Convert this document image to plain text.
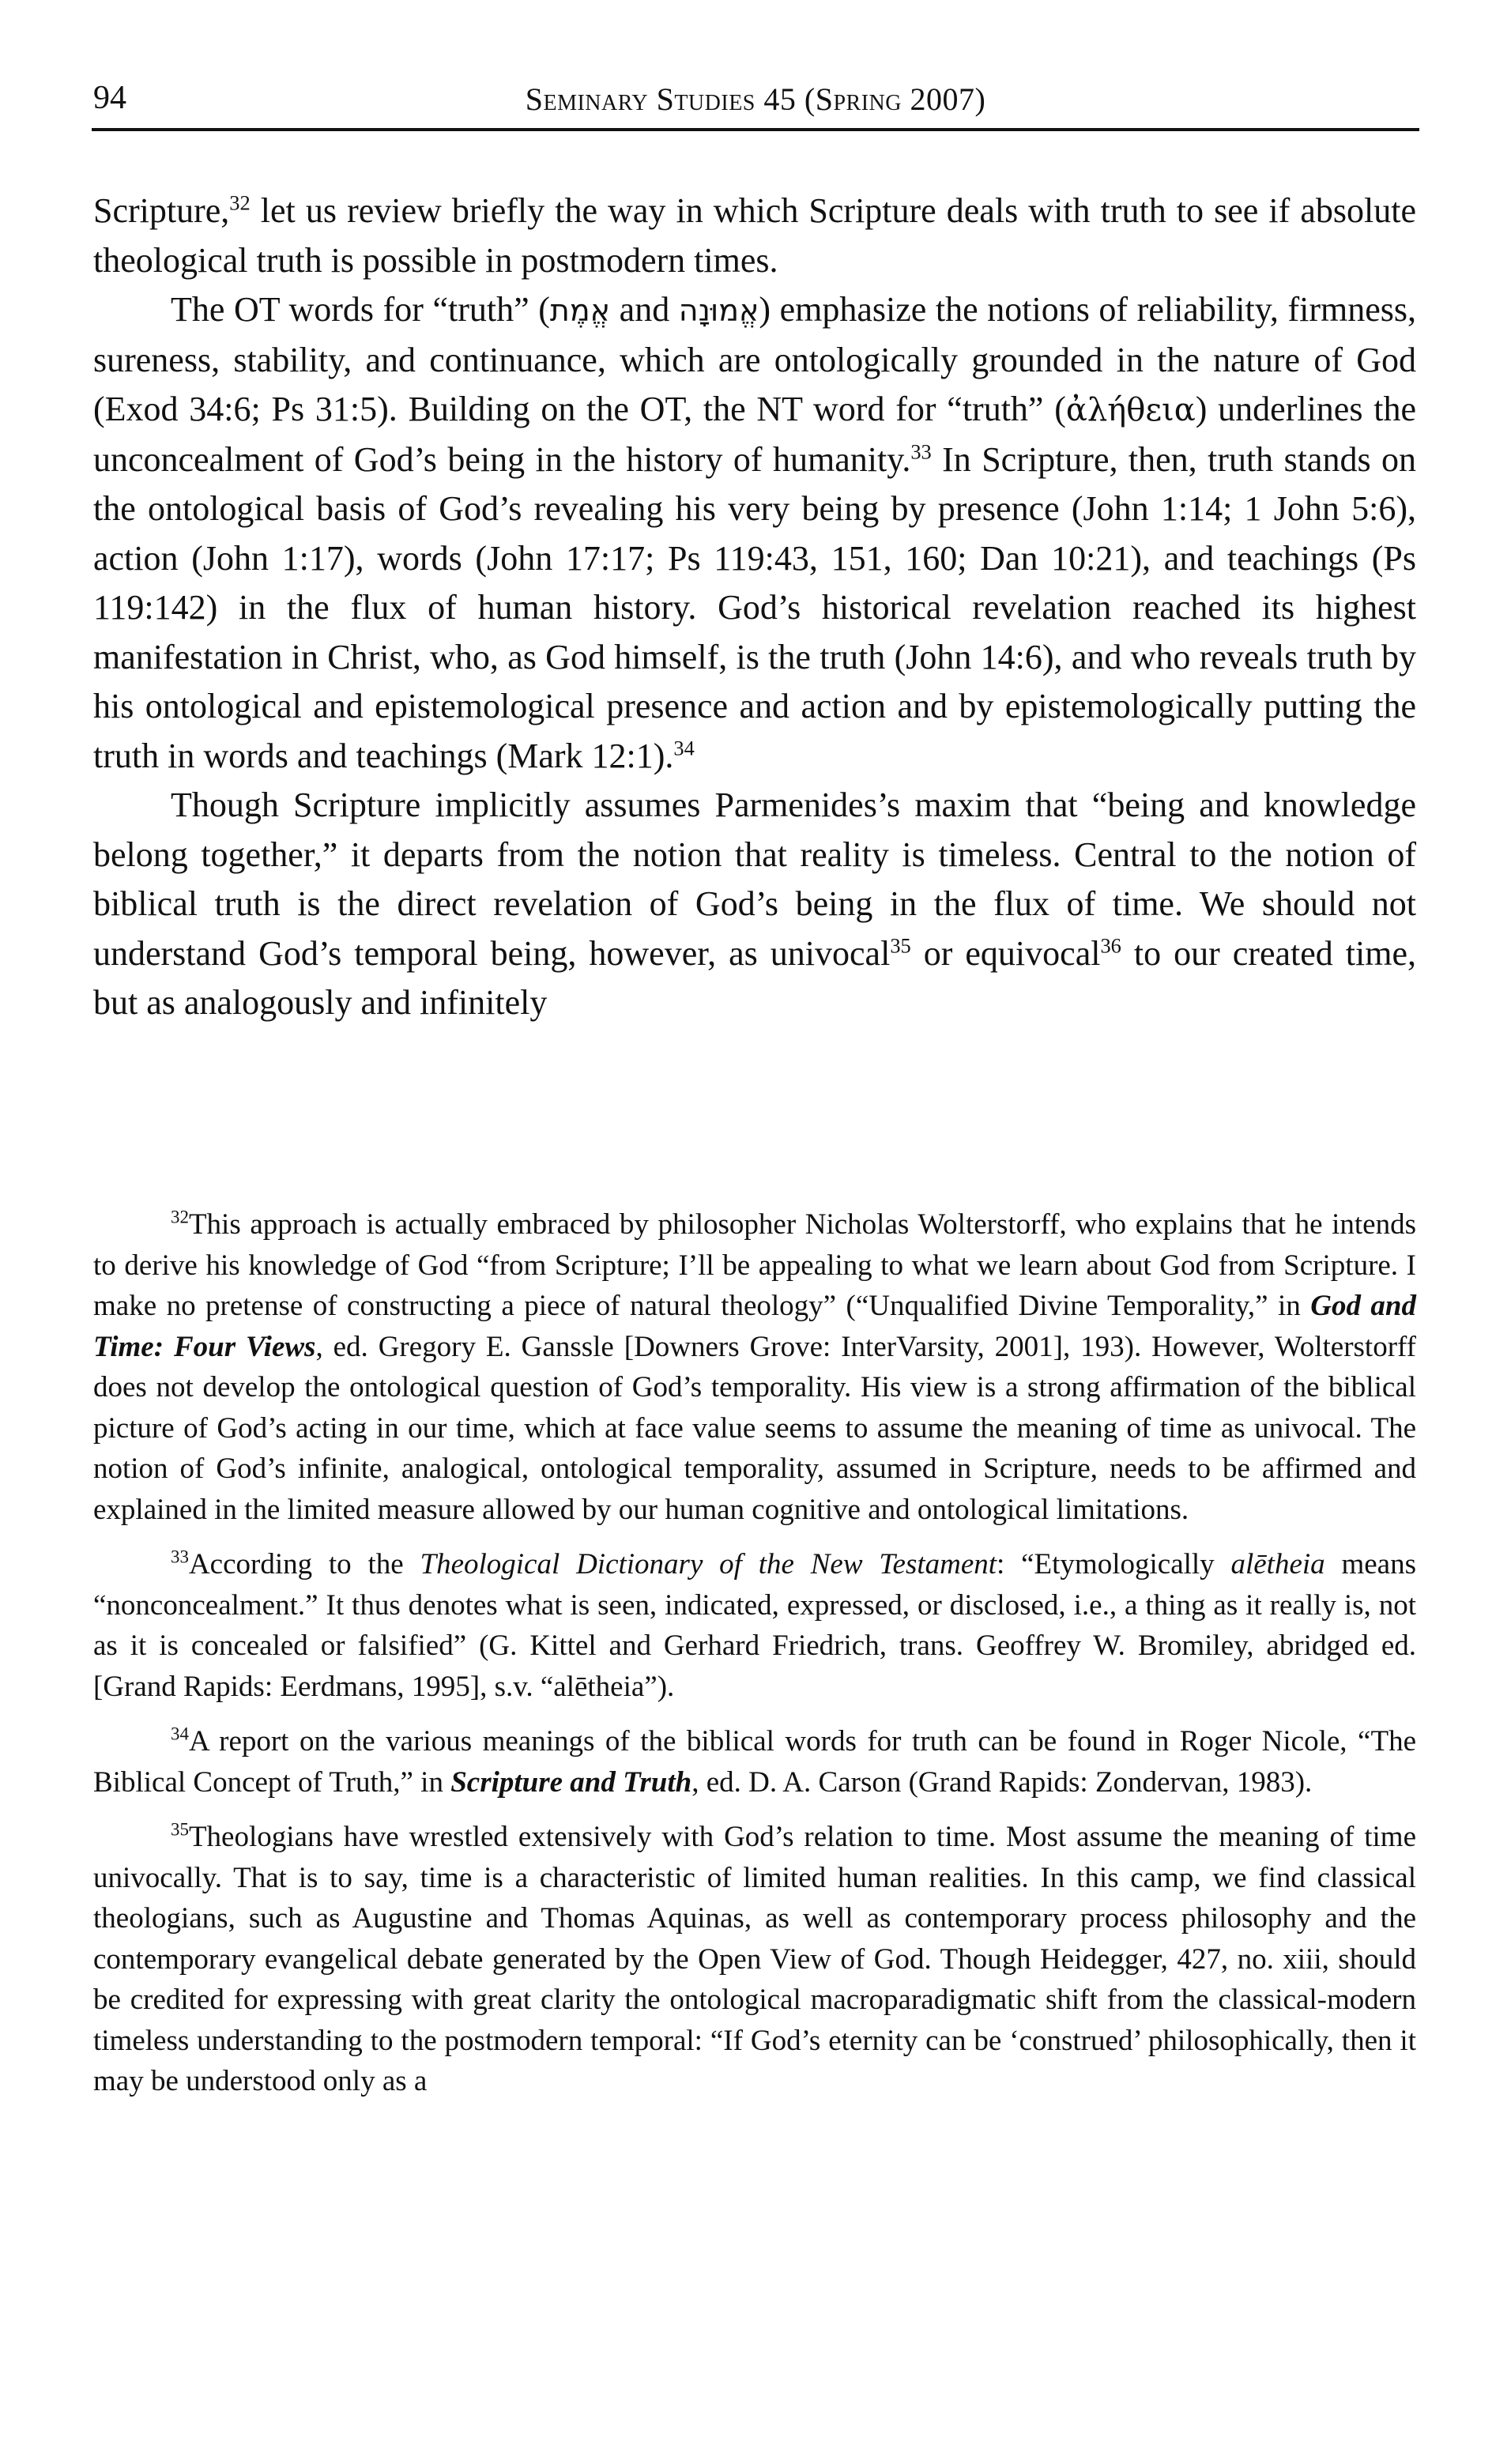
94	Seminary Studies 45 (Spring 2007)

Scripture,$^{32}$ let us review briefly the way in which Scripture deals with truth to see if absolute theological truth is possible in postmodern times.

The OT words for “truth” (אֱמֶת and אֱמוּנָה) emphasize the notions of reliability, firmness, sureness, stability, and continuance, which are ontologically grounded in the nature of God (Exod 34:6; Ps 31:5). Building on the OT, the NT word for “truth” (ἀλήθεια) underlines the unconcealment of God’s being in the history of humanity.$^{33}$ In Scripture, then, truth stands on the ontological basis of God’s revealing his very being by presence (John 1:14; 1 John 5:6), action (John 1:17), words (John 17:17; Ps 119:43, 151, 160; Dan 10:21), and teachings (Ps 119:142) in the flux of human history. God’s historical revelation reached its highest manifestation in Christ, who, as God himself, is the truth (John 14:6), and who reveals truth by his ontological and epistemological presence and action and by epistemologically putting the truth in words and teachings (Mark 12:1).$^{34}$

Though Scripture implicitly assumes Parmenides’s maxim that “being and knowledge belong together,” it departs from the notion that reality is timeless. Central to the notion of biblical truth is the direct revelation of God’s being in the flux of time. We should not understand God’s temporal being, however, as univocal$^{35}$ or equivocal$^{36}$ to our created time, but as analogously and infinitely

$^{32}$This approach is actually embraced by philosopher Nicholas Wolterstorff, who explains that he intends to derive his knowledge of God “from Scripture; I’ll be appealing to what we learn about God from Scripture. I make no pretense of constructing a piece of natural theology” (“Unqualified Divine Temporality,” in God and Time: Four Views, ed. Gregory E. Ganssle [Downers Grove: InterVarsity, 2001], 193). However, Wolterstorff does not develop the ontological question of God’s temporality. His view is a strong affirmation of the biblical picture of God’s acting in our time, which at face value seems to assume the meaning of time as univocal. The notion of God’s infinite, analogical, ontological temporality, assumed in Scripture, needs to be affirmed and explained in the limited measure allowed by our human cognitive and ontological limitations.

$^{33}$According to the Theological Dictionary of the New Testament: “Etymologically alētheia means “nonconcealment.” It thus denotes what is seen, indicated, expressed, or disclosed, i.e., a thing as it really is, not as it is concealed or falsified” (G. Kittel and Gerhard Friedrich, trans. Geoffrey W. Bromiley, abridged ed. [Grand Rapids: Eerdmans, 1995], s.v. “alētheia”).

$^{34}$A report on the various meanings of the biblical words for truth can be found in Roger Nicole, “The Biblical Concept of Truth,” in Scripture and Truth, ed. D. A. Carson (Grand Rapids: Zondervan, 1983).

$^{35}$Theologians have wrestled extensively with God’s relation to time. Most assume the meaning of time univocally. That is to say, time is a characteristic of limited human realities. In this camp, we find classical theologians, such as Augustine and Thomas Aquinas, as well as contemporary process philosophy and the contemporary evangelical debate generated by the Open View of God. Though Heidegger, 427, no. xiii, should be credited for expressing with great clarity the ontological macroparadigmatic shift from the classical-modern timeless understanding to the postmodern temporal: “If God’s eternity can be ‘construed’ philosophically, then it may be understood only as a
